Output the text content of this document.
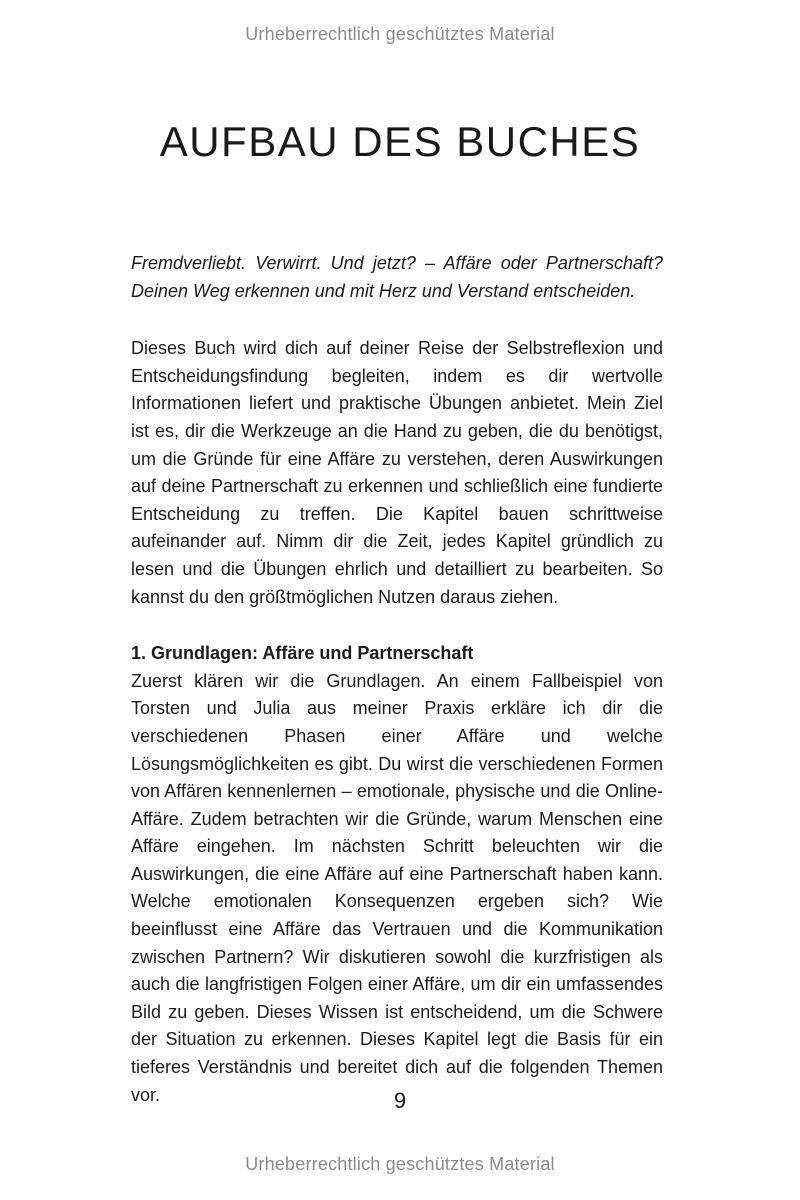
Urheberrechtlich geschütztes Material
AUFBAU DES BUCHES

Fremdverliebt. Verwirrt. Und jetzt? – Affäre oder Partnerschaft? Deinen Weg erkennen und mit Herz und Verstand entscheiden.

Dieses Buch wird dich auf deiner Reise der Selbstreflexion und Entscheidungsfindung begleiten, indem es dir wertvolle Informationen liefert und praktische Übungen anbietet. Mein Ziel ist es, dir die Werkzeuge an die Hand zu geben, die du benötigst, um die Gründe für eine Affäre zu verstehen, deren Auswirkungen auf deine Partnerschaft zu erkennen und schließlich eine fundierte Entscheidung zu treffen. Die Kapitel bauen schrittweise aufeinander auf. Nimm dir die Zeit, jedes Kapitel gründlich zu lesen und die Übungen ehrlich und detailliert zu bearbeiten. So kannst du den größtmöglichen Nutzen daraus ziehen.

1. Grundlagen: Affäre und Partnerschaft

Zuerst klären wir die Grundlagen. An einem Fallbeispiel von Torsten und Julia aus meiner Praxis erkläre ich dir die verschiedenen Phasen einer Affäre und welche Lösungsmöglichkeiten es gibt. Du wirst die verschiedenen Formen von Affären kennenlernen – emotionale, physische und die Online-Affäre. Zudem betrachten wir die Gründe, warum Menschen eine Affäre eingehen. Im nächsten Schritt beleuchten wir die Auswirkungen, die eine Affäre auf eine Partnerschaft haben kann. Welche emotionalen Konsequenzen ergeben sich? Wie beeinflusst eine Affäre das Vertrauen und die Kommunikation zwischen Partnern? Wir diskutieren sowohl die kurzfristigen als auch die langfristigen Folgen einer Affäre, um dir ein umfassendes Bild zu geben. Dieses Wissen ist entscheidend, um die Schwere der Situation zu erkennen. Dieses Kapitel legt die Basis für ein tieferes Verständnis und bereitet dich auf die folgenden Themen vor.	9
Urheberrechtlich geschütztes Material
